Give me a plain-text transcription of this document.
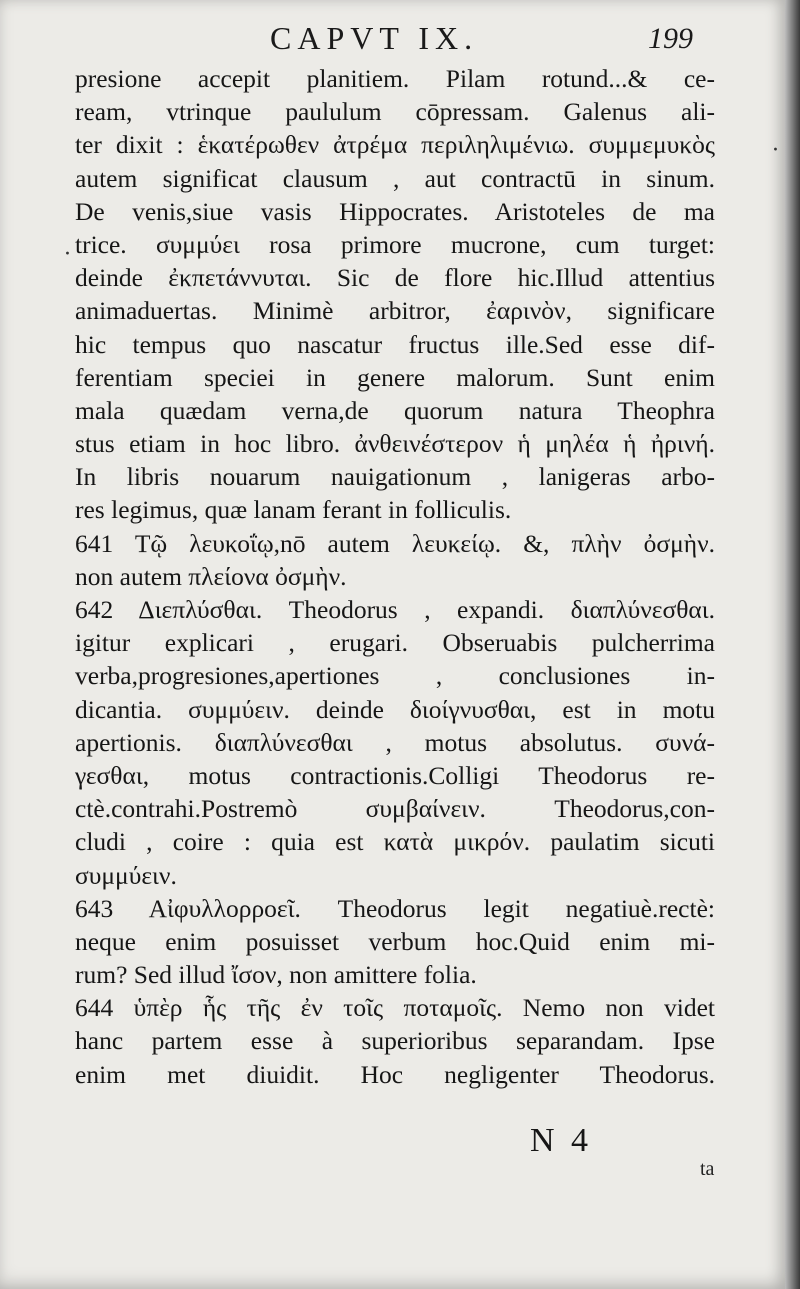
CAPVT IX.	199
presione accepit planitiem. Pilam rotund...& ce-
ream, vtrinque paululum cōpressam. Galenus ali-
ter dixit : ἑκατέρωθεν ἀτρέμα περιληλιμένιω. συμμεμυκὸς
autem significat clausum , aut contractū in sinum.
De venis,siue vasis Hippocrates. Aristoteles de ma
trice. συμμύει rosa primore mucrone, cum turget:
deinde ἐκπετάννυται. Sic de flore hic.Illud attentius
animaduertas. Minimè arbitror, ἐαρινὸν, significare
hic tempus quo nascatur fructus ille.Sed esse dif-
ferentiam speciei in genere malorum. Sunt enim
mala quædam verna,de quorum natura Theophra
stus etiam in hoc libro. ἀνθεινέστερον ἡ μηλέα ἡ ἠρινή.
In libris nouarum nauigationum , lanigeras arbo-
res legimus, quæ lanam ferant in folliculis.
641 Τῷ λευκοΐῳ,nō autem λευκείῳ. &, πλὴν ὀσμὴν.
non autem πλείονα ὀσμὴν.
642 Διεπλύσθαι. Theodorus , expandi. διαπλύνεσθαι.
igitur explicari , erugari. Obseruabis pulcherrima
verba,progresiones,apertiones , conclusiones in-
dicantia. συμμύειν. deinde διοίγνυσθαι, est in motu
apertionis. διαπλύνεσθαι , motus absolutus. συνά-
γεσθαι, motus contractionis.Colligi Theodorus re-
ctè.contrahi.Postremò συμβαίνειν. Theodorus,con-
cludi , coire : quia est κατὰ μικρόν. paulatim sicuti
συμμύειν.
643 Αἰφυλλορροεῖ. Theodorus legit negatiuè.rectè:
neque enim posuisset verbum hoc.Quid enim mi-
rum? Sed illud ἴσον, non amittere folia.
644 ὑπὲρ ἧς τῆς ἐν τοῖς ποταμοῖς. Nemo non videt
hanc partem esse à superioribus separandam. Ipse
enim met diuidit. Hoc negligenter Theodorus.
N 4
ta
·
·
